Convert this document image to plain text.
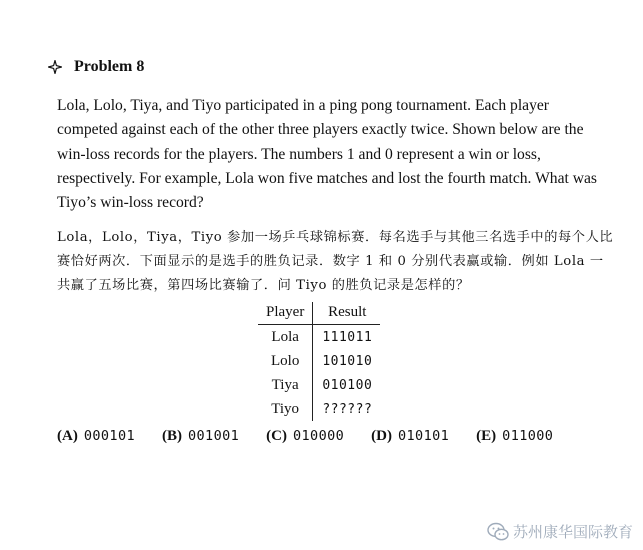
Problem 8
Lola, Lolo, Tiya, and Tiyo participated in a ping pong tournament. Each player competed against each of the other three players exactly twice. Shown below are the win-loss records for the players. The numbers 1 and 0 represent a win or loss, respectively. For example, Lola won five matches and lost the fourth match. What was Tiyo’s win-loss record?
Lola，Lolo，Tiya，Tiyo 参加一场乒乓球锦标赛．每名选手与其他三名选手中的每个人比赛恰好两次．下面显示的是选手的胜负记录．数字 1 和 0 分别代表赢或输．例如 Lola 一共赢了五场比赛，第四场比赛输了．问 Tiyo 的胜负记录是怎样的？
Player	Result
Lola	111011
Lolo	101010
Tiya	010100
Tiyo	??????
(A) 000101 (B) 001001 (C) 010000 (D) 010101 (E) 011000
苏州康华国际教育
